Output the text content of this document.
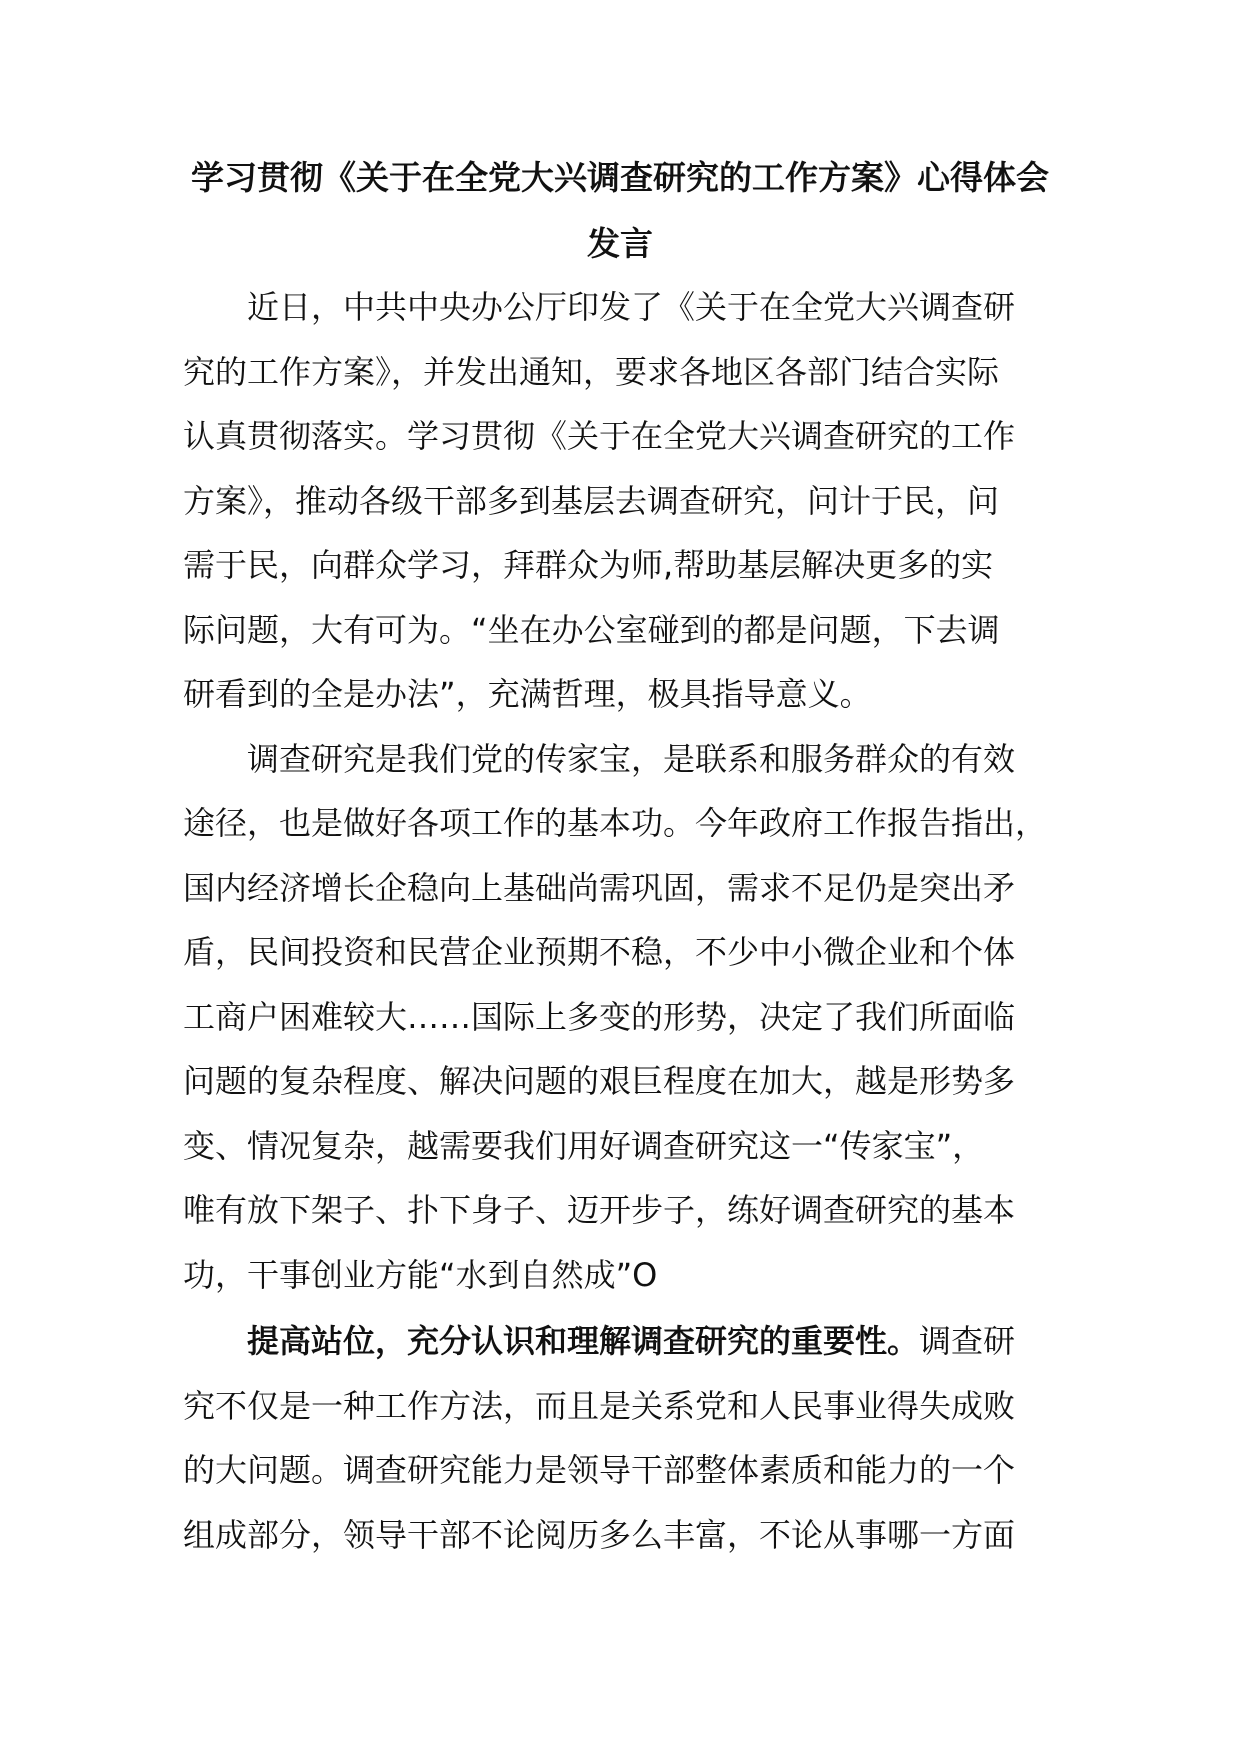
学习贯彻《关于在全党大兴调查研究的工作方案》心得体会
发言

近日，中共中央办公厅印发了《关于在全党大兴调查研
究的工作方案》，并发出通知，要求各地区各部门结合实际
认真贯彻落实。学习贯彻《关于在全党大兴调查研究的工作
方案》，推动各级干部多到基层去调查研究，问计于民，问
需于民，向群众学习，拜群众为师,帮助基层解决更多的实
际问题，大有可为。“坐在办公室碰到的都是问题，下去调
研看到的全是办法”，充满哲理，极具指导意义。

调查研究是我们党的传家宝，是联系和服务群众的有效
途径，也是做好各项工作的基本功。今年政府工作报告指出，
国内经济增长企稳向上基础尚需巩固，需求不足仍是突出矛
盾，民间投资和民营企业预期不稳，不少中小微企业和个体
工商户困难较大……国际上多变的形势，决定了我们所面临
问题的复杂程度、解决问题的艰巨程度在加大，越是形势多
变、情况复杂，越需要我们用好调查研究这一“传家宝”，
唯有放下架子、扑下身子、迈开步子，练好调查研究的基本
功，干事创业方能“水到自然成”O

提高站位，充分认识和理解调查研究的重要性。调查研
究不仅是一种工作方法，而且是关系党和人民事业得失成败
的大问题。调查研究能力是领导干部整体素质和能力的一个
组成部分，领导干部不论阅历多么丰富，不论从事哪一方面
